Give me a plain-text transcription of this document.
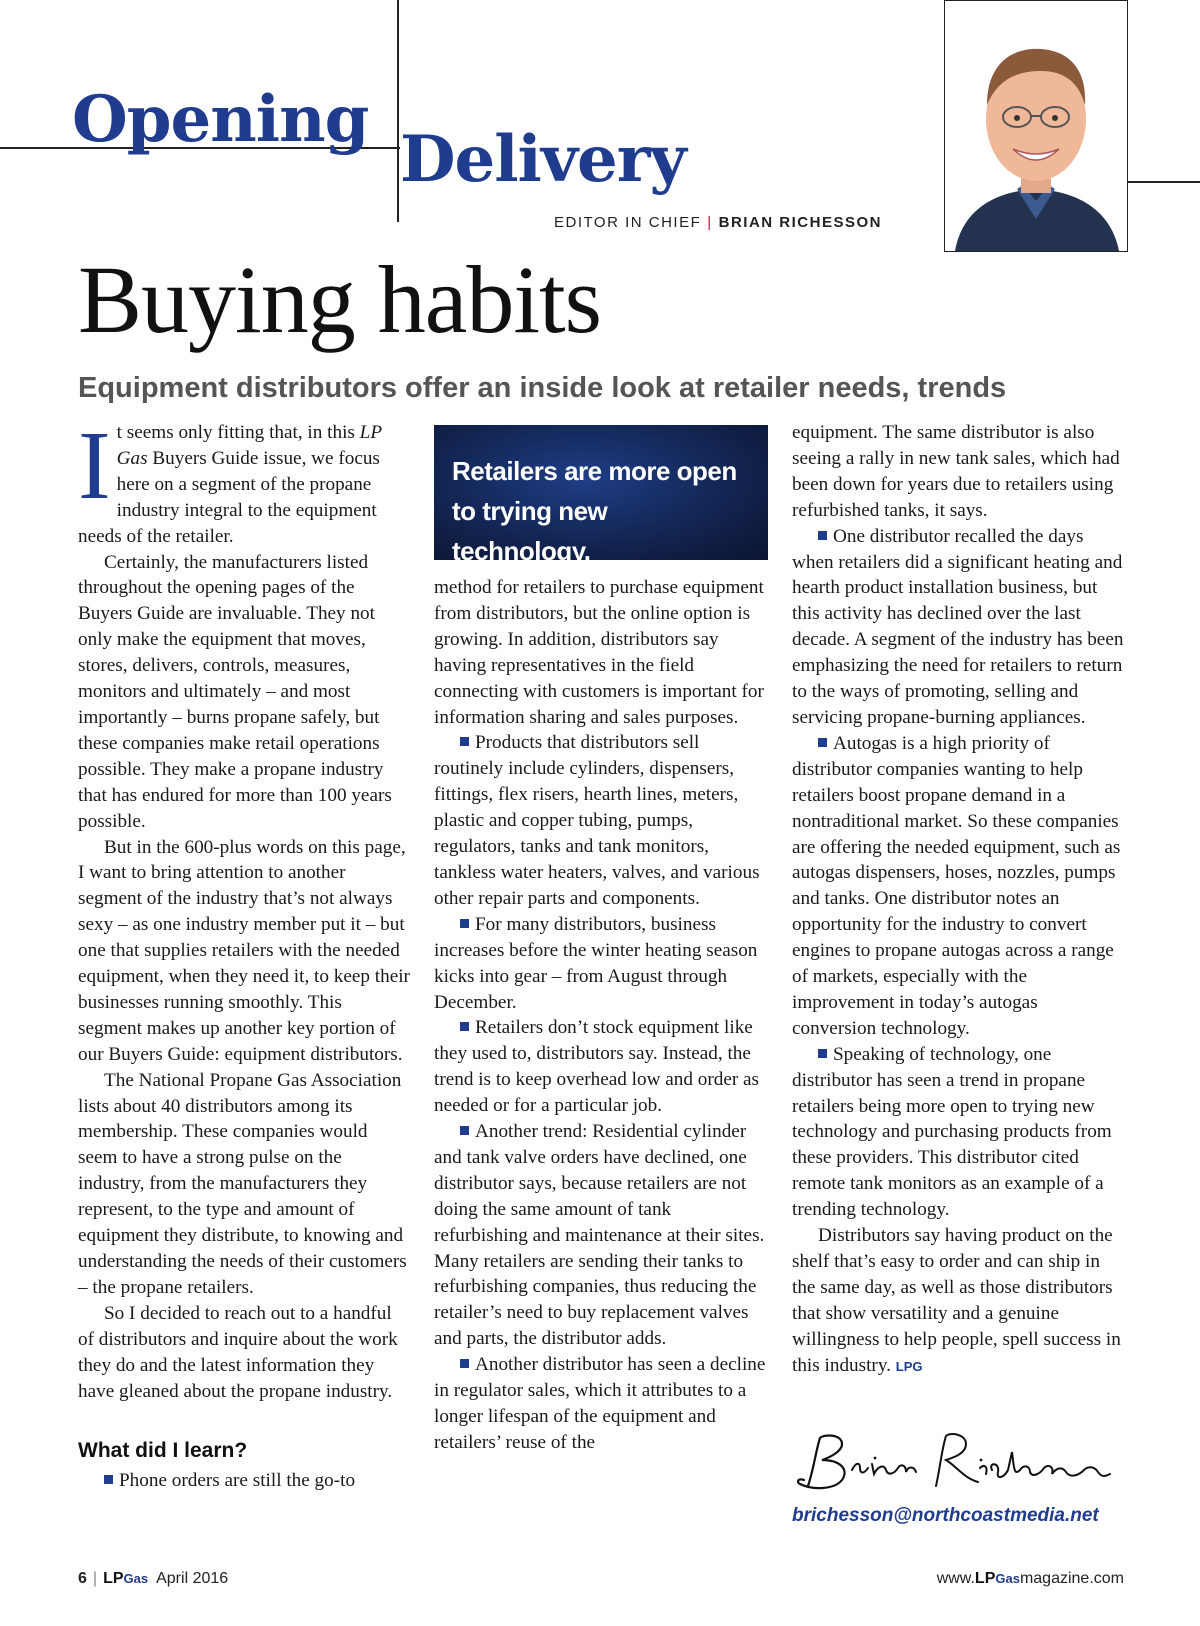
Opening
Delivery
EDITOR IN CHIEF | BRIAN RICHESSON
Buying habits
Equipment distributors offer an inside look at retailer needs, trends

It seems only fitting that, in this LP Gas Buyers Guide issue, we focus here on a segment of the propane industry integral to the equipment needs of the retailer.

Certainly, the manufacturers listed throughout the opening pages of the Buyers Guide are invaluable. They not only make the equipment that moves, stores, delivers, controls, measures, monitors and ultimately – and most importantly – burns propane safely, but these companies make retail operations possible. They make a propane industry that has endured for more than 100 years possible.

But in the 600-plus words on this page, I want to bring attention to another segment of the industry that’s not always sexy – as one industry member put it – but one that supplies retailers with the needed equipment, when they need it, to keep their businesses running smoothly. This segment makes up another key portion of our Buyers Guide: equipment distributors.

The National Propane Gas Association lists about 40 distributors among its membership. These companies would seem to have a strong pulse on the industry, from the manufacturers they represent, to the type and amount of equipment they distribute, to knowing and understanding the needs of their customers – the propane retailers.

So I decided to reach out to a handful of distributors and inquire about the work they do and the latest information they have gleaned about the propane industry.

What did I learn?

Phone orders are still the go-to

Retailers are more open to trying new technology.

method for retailers to purchase equipment from distributors, but the online option is growing. In addition, distributors say having representatives in the field connecting with customers is important for information sharing and sales purposes.

Products that distributors sell routinely include cylinders, dispensers, fittings, flex risers, hearth lines, meters, plastic and copper tubing, pumps, regulators, tanks and tank monitors, tankless water heaters, valves, and various other repair parts and components.

For many distributors, business increases before the winter heating season kicks into gear – from August through December.

Retailers don’t stock equipment like they used to, distributors say. Instead, the trend is to keep overhead low and order as needed or for a particular job.

Another trend: Residential cylinder and tank valve orders have declined, one distributor says, because retailers are not doing the same amount of tank refurbishing and maintenance at their sites. Many retailers are sending their tanks to refurbishing companies, thus reducing the retailer’s need to buy replacement valves and parts, the distributor adds.

Another distributor has seen a decline in regulator sales, which it attributes to a longer lifespan of the equipment and retailers’ reuse of the

equipment. The same distributor is also seeing a rally in new tank sales, which had been down for years due to retailers using refurbished tanks, it says.

One distributor recalled the days when retailers did a significant heating and hearth product installation business, but this activity has declined over the last decade. A segment of the industry has been emphasizing the need for retailers to return to the ways of promoting, selling and servicing propane-burning appliances.

Autogas is a high priority of distributor companies wanting to help retailers boost propane demand in a nontraditional market. So these companies are offering the needed equipment, such as autogas dispensers, hoses, nozzles, pumps and tanks. One distributor notes an opportunity for the industry to convert engines to propane autogas across a range of markets, especially with the improvement in today’s autogas conversion technology.

Speaking of technology, one distributor has seen a trend in propane retailers being more open to trying new technology and purchasing products from these providers. This distributor cited remote tank monitors as an example of a trending technology.

Distributors say having product on the shelf that’s easy to order and can ship in the same day, as well as those distributors that show versatility and a genuine willingness to help people, spell success in this industry. LPG

brichesson@northcoastmedia.net
6 | LPGas April 2016	www.LPGasmagazine.com
